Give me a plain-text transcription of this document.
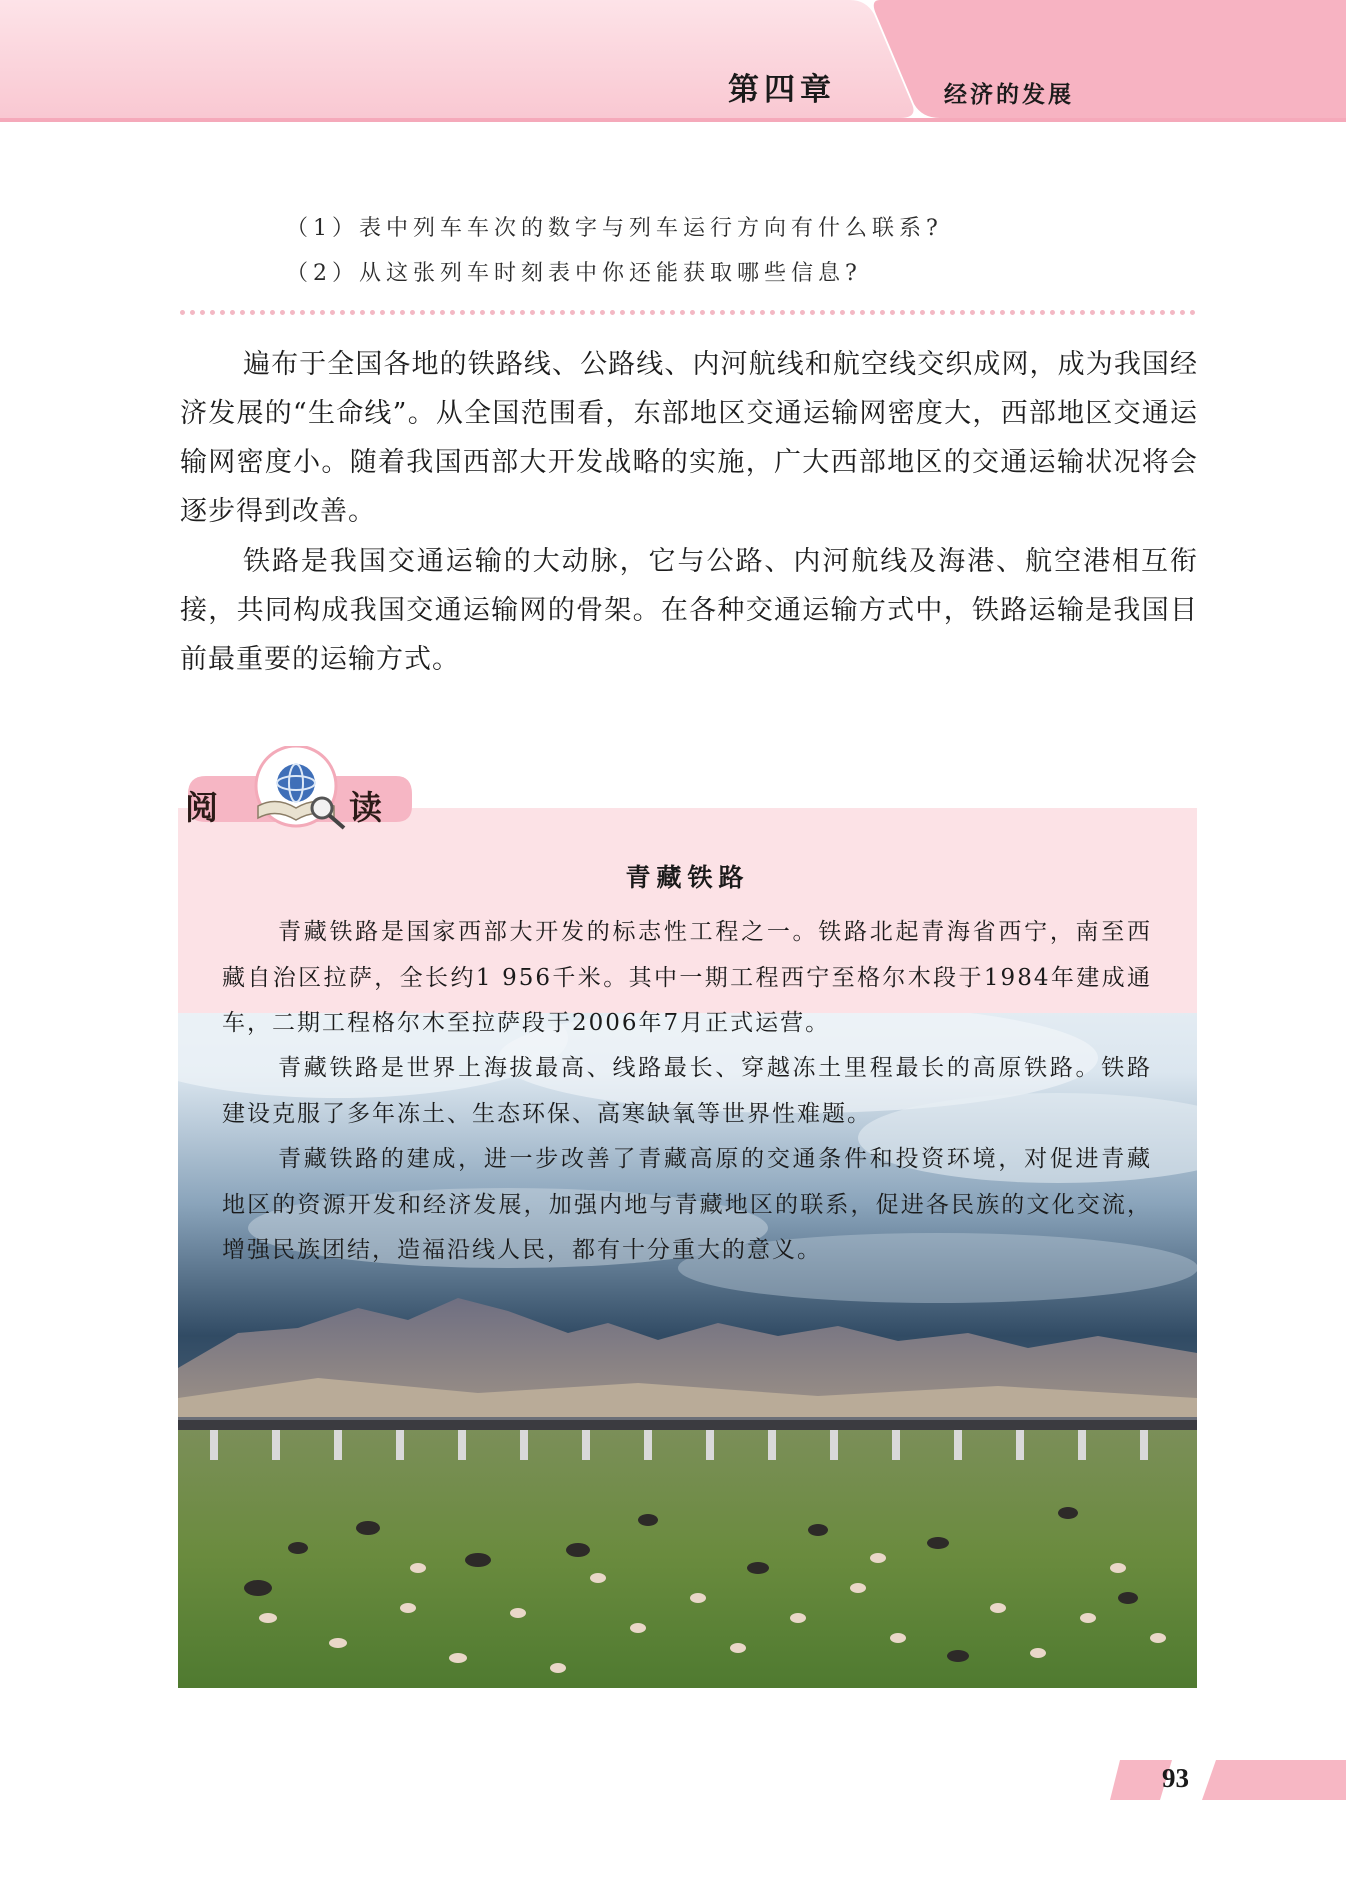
第四章	经济的发展
（1）表中列车车次的数字与列车运行方向有什么联系?
（2）从这张列车时刻表中你还能获取哪些信息?

遍布于全国各地的铁路线、公路线、内河航线和航空线交织成网，成为我国经济发展的“生命线”。从全国范围看，东部地区交通运输网密度大，西部地区交通运输网密度小。随着我国西部大开发战略的实施，广大西部地区的交通运输状况将会逐步得到改善。

铁路是我国交通运输的大动脉，它与公路、内河航线及海港、航空港相互衔接，共同构成我国交通运输网的骨架。在各种交通运输方式中，铁路运输是我国目前最重要的运输方式。

阅	读
青藏铁路

青藏铁路是国家西部大开发的标志性工程之一。铁路北起青海省西宁，南至西藏自治区拉萨，全长约1 956千米。其中一期工程西宁至格尔木段于1984年建成通车，二期工程格尔木至拉萨段于2006年7月正式运营。

青藏铁路是世界上海拔最高、线路最长、穿越冻土里程最长的高原铁路。铁路建设克服了多年冻土、生态环保、高寒缺氧等世界性难题。

青藏铁路的建成，进一步改善了青藏高原的交通条件和投资环境，对促进青藏地区的资源开发和经济发展，加强内地与青藏地区的联系，促进各民族的文化交流，增强民族团结，造福沿线人民，都有十分重大的意义。

93
